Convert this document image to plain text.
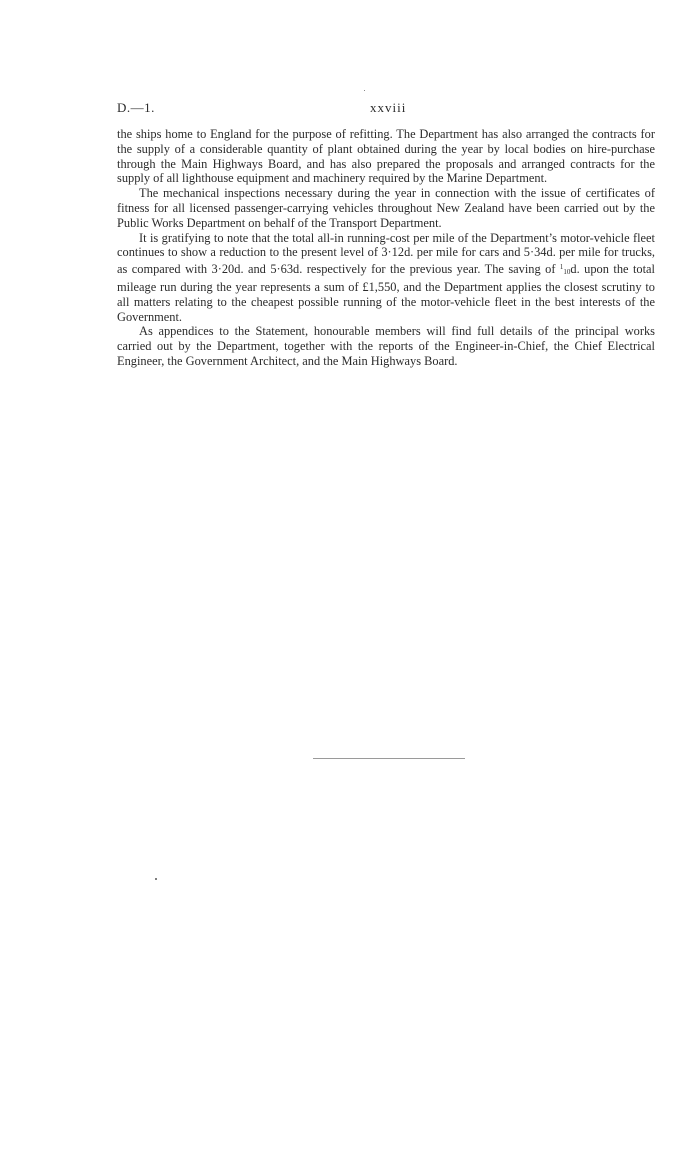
D.—1.	xxviii

the ships home to England for the purpose of refitting. The Department has also arranged the contracts for the supply of a considerable quantity of plant obtained during the year by local bodies on hire-purchase through the Main Highways Board, and has also prepared the proposals and arranged contracts for the supply of all lighthouse equipment and machinery required by the Marine Department.

The mechanical inspections necessary during the year in connection with the issue of certificates of fitness for all licensed passenger-carrying vehicles throughout New Zealand have been carried out by the Public Works Department on behalf of the Transport Department.

It is gratifying to note that the total all-in running-cost per mile of the Department’s motor-vehicle fleet continues to show a reduction to the present level of 3·12d. per mile for cars and 5·34d. per mile for trucks, as compared with 3·20d. and 5·63d. respectively for the previous year. The saving of $^1_{10}$d. upon the total mileage run during the year represents a sum of £1,550, and the Department applies the closest scrutiny to all matters relating to the cheapest possible running of the motor-vehicle fleet in the best interests of the Government.

As appendices to the Statement, honourable members will find full details of the principal works carried out by the Department, together with the reports of the Engineer-in-Chief, the Chief Electrical Engineer, the Government Architect, and the Main Highways Board.
